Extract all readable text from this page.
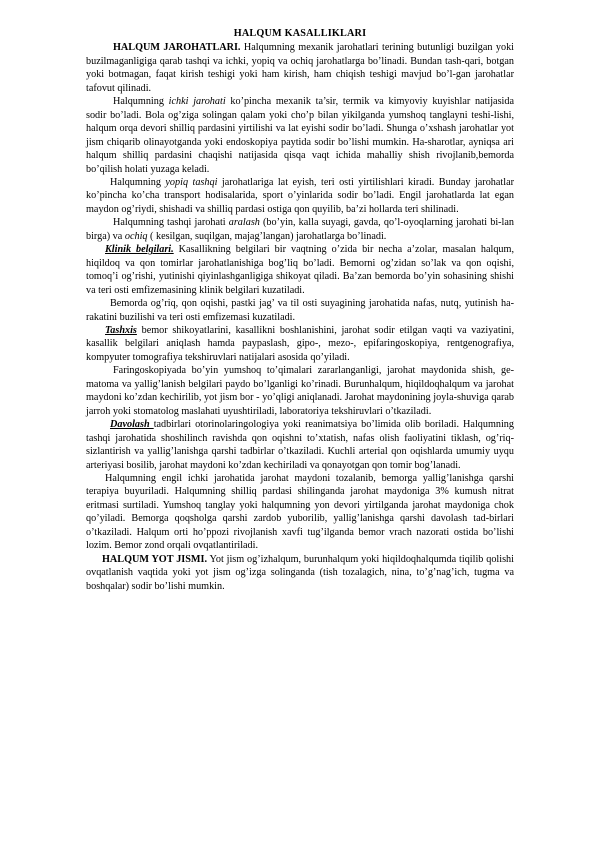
HALQUM KASALLIKLARI

HALQUM JAROHATLARI. Halqumning mexanik jarohatlari terining butunligi buzilgan yoki buzilmaganligiga qarab tashqi va ichki, yopiq va ochiq jarohatlarga bo’linadi. Bundan tash-qari, botgan yoki botmagan, faqat kirish teshigi yoki ham kirish, ham chiqish teshigi mavjud bo’l-gan jarohatlar tafovut qilinadi.

Halqumning ichki jarohati ko’pincha mexanik ta’sir, termik va kimyoviy kuyishlar natijasida sodir bo’ladi. Bola og’ziga solingan qalam yoki cho’p bilan yikilganda yumshoq tanglayni teshi-lishi, halqum orqa devori shilliq pardasini yirtilishi va lat eyishi sodir bo’ladi. Shunga o’xshash jarohatlar yot jism chiqarib olinayotganda yoki endoskopiya paytida sodir bo’lishi mumkin. Ha-sharotlar, ayniqsa ari halqum shilliq pardasini chaqishi natijasida qisqa vaqt ichida mahalliy shish rivojlanib,bemorda bo’qilish holati yuzaga keladi.

Halqumning yopiq tashqi jarohatlariga lat eyish, teri osti yirtilishlari kiradi. Bunday jarohatlar ko’pincha ko’cha transport hodisalarida, sport o’yinlarida sodir bo’ladi. Engil jarohatlarda lat egan maydon og’riydi, shishadi va shilliq pardasi ostiga qon quyilib, ba’zi hollarda teri shilinadi.

Halqumning tashqi jarohati aralash (bo’yin, kalla suyagi, gavda, qo’l-oyoqlarning jarohati bi-lan birga) va ochiq ( kesilgan, suqilgan, majag’langan) jarohatlarga bo’linadi.

Klinik belgilari. Kasallikning belgilari bir vaqtning o’zida bir necha a’zolar, masalan halqum, hiqildoq va qon tomirlar jarohatlanishiga bog’liq bo’ladi. Bemorni og’zidan so’lak va qon oqishi, tomoq’i og’rishi, yutinishi qiyinlashganligiga shikoyat qiladi. Ba’zan bemorda bo’yin sohasining shishi va teri osti emfizemasining klinik belgilari kuzatiladi.

Bemorda og’riq, qon oqishi, pastki jag’ va til osti suyagining jarohatida nafas, nutq, yutinish ha-rakatini buzilishi va teri osti emfizemasi kuzatiladi.

Tashxis bemor shikoyatlarini, kasallikni boshlanishini, jarohat sodir etilgan vaqti va vaziyatini, kasallik belgilari aniqlash hamda paypaslash, gipo-, mezo-, epifaringoskopiya, rentgenografiya, kompyuter tomografiya tekshiruvlari natijalari asosida qo’yiladi.

Faringoskopiyada bo’yin yumshoq to’qimalari zararlanganligi, jarohat maydonida shish, ge-matoma va yallig’lanish belgilari paydo bo’lganligi ko’rinadi. Burunhalqum, hiqildoqhalqum va jarohat maydoni ko’zdan kechirilib, yot jism bor - yo’qligi aniqlanadi. Jarohat maydonining joyla-shuviga qarab jarroh yoki stomatolog maslahati uyushtiriladi, laboratoriya tekshiruvlari o’tkaziladi.

Davolash tadbirlari otorinolaringologiya yoki reanimatsiya bo’limida olib boriladi. Halqumning tashqi jarohatida shoshilinch ravishda qon oqishni to’xtatish, nafas olish faoliyatini tiklash, og’riq-sizlantirish va yallig’lanishga qarshi tadbirlar o’tkaziladi. Kuchli arterial qon oqishlarda umumiy uyqu arteriyasi bosilib, jarohat maydoni ko’zdan kechiriladi va qonayotgan qon tomir bog’lanadi.

Halqumning engil ichki jarohatida jarohat maydoni tozalanib, bemorga yallig’lanishga qarshi terapiya buyuriladi. Halqumning shilliq pardasi shilinganda jarohat maydoniga 3% kumush nitrat eritmasi surtiladi. Yumshoq tanglay yoki halqumning yon devori yirtilganda jarohat maydoniga chok qo’yiladi. Bemorga qoqsholga qarshi zardob yuborilib, yallig’lanishga qarshi davolash tad-birlari o’tkaziladi. Halqum orti ho’ppozi rivojlanish xavfi tug’ilganda bemor vrach nazorati ostida bo’lishi lozim. Bemor zond orqali ovqatlantiriladi.

HALQUM YOT JISMI. Yot jism og’izhalqum, burunhalqum yoki hiqildoqhalqumda tiqilib qolishi ovqatlanish vaqtida yoki yot jism og’izga solinganda (tish tozalagich, nina, to’g’nag’ich, tugma va boshqalar) sodir bo’lishi mumkin.
